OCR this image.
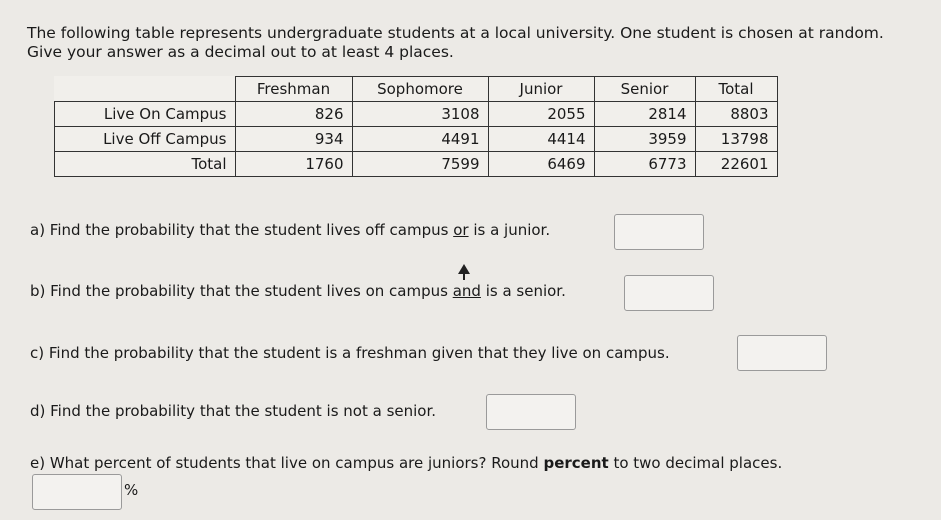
The following table represents undergraduate students at a local university. One student is chosen at random.
Give your answer as a decimal out to at least 4 places.
	Freshman	Sophomore	Junior	Senior	Total
Live On Campus	826	3108	2055	2814	8803
Live Off Campus	934	4491	4414	3959	13798
Total	1760	7599	6469	6773	22601
a) Find the probability that the student lives off campus or is a junior.
b) Find the probability that the student lives on campus and is a senior.
c) Find the probability that the student is a freshman given that they live on campus.
d) Find the probability that the student is not a senior.
e) What percent of students that live on campus are juniors? Round percent to two decimal places.
%
